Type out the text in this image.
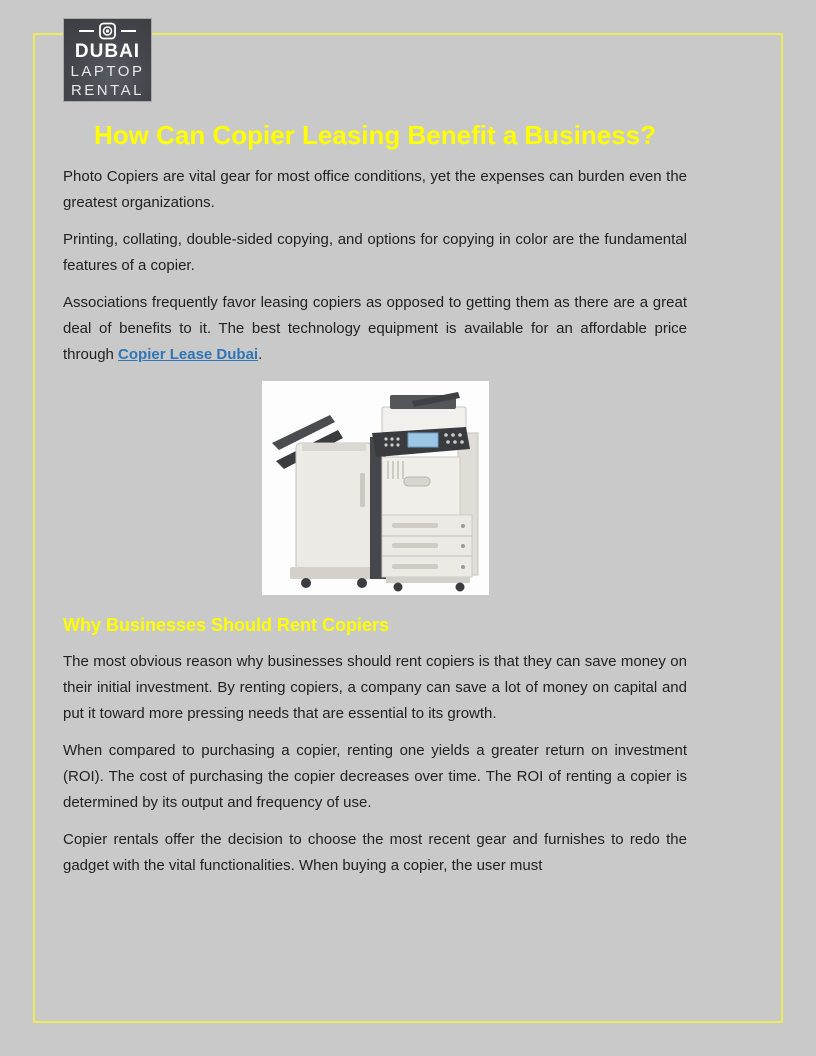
DUBAI
LAPTOP
RENTAL
How Can Copier Leasing Benefit a Business?

Photo Copiers are vital gear for most office conditions, yet the expenses can burden even the greatest organizations.

Printing, collating, double-sided copying, and options for copying in color are the fundamental features of a copier.

Associations frequently favor leasing copiers as opposed to getting them as there are a great deal of benefits to it. The best technology equipment is available for an affordable price through Copier Lease Dubai.

Why Businesses Should Rent Copiers

The most obvious reason why businesses should rent copiers is that they can save money on their initial investment. By renting copiers, a company can save a lot of money on capital and put it toward more pressing needs that are essential to its growth.

When compared to purchasing a copier, renting one yields a greater return on investment (ROI). The cost of purchasing the copier decreases over time. The ROI of renting a copier is determined by its output and frequency of use.

Copier rentals offer the decision to choose the most recent gear and furnishes to redo the gadget with the vital functionalities. When buying a copier, the user must
